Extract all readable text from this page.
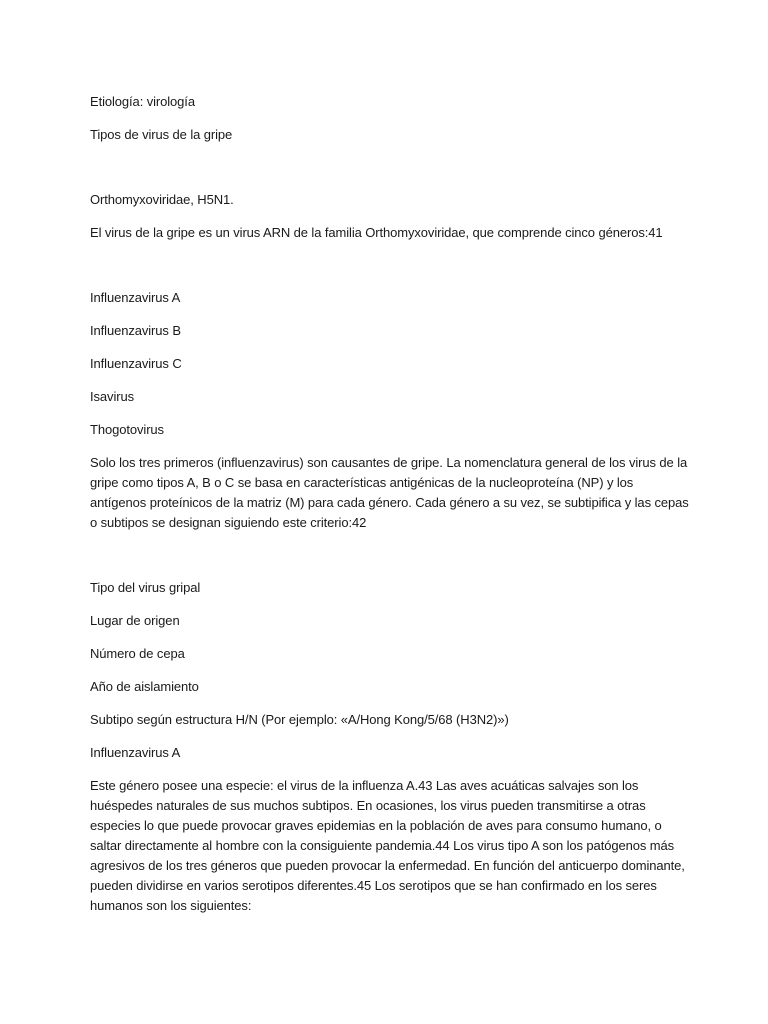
Etiología: virología

Tipos de virus de la gripe

Orthomyxoviridae, H5N1.

El virus de la gripe es un virus ARN de la familia Orthomyxoviridae, que comprende cinco géneros:41

Influenzavirus A

Influenzavirus B

Influenzavirus C

Isavirus

Thogotovirus

Solo los tres primeros (influenzavirus) son causantes de gripe. La nomenclatura general de los virus de la gripe como tipos A, B o C se basa en características antigénicas de la nucleoproteína (NP) y los antígenos proteínicos de la matriz (M) para cada género. Cada género a su vez, se subtipifica y las cepas o subtipos se designan siguiendo este criterio:42

Tipo del virus gripal

Lugar de origen

Número de cepa

Año de aislamiento

Subtipo según estructura H/N (Por ejemplo: «A/Hong Kong/5/68 (H3N2)»)

Influenzavirus A

Este género posee una especie: el virus de la influenza A.43 Las aves acuáticas salvajes son los huéspedes naturales de sus muchos subtipos. En ocasiones, los virus pueden transmitirse a otras especies lo que puede provocar graves epidemias en la población de aves para consumo humano, o saltar directamente al hombre con la consiguiente pandemia.44 Los virus tipo A son los patógenos más agresivos de los tres géneros que pueden provocar la enfermedad. En función del anticuerpo dominante, pueden dividirse en varios serotipos diferentes.45 Los serotipos que se han confirmado en los seres humanos son los siguientes:
